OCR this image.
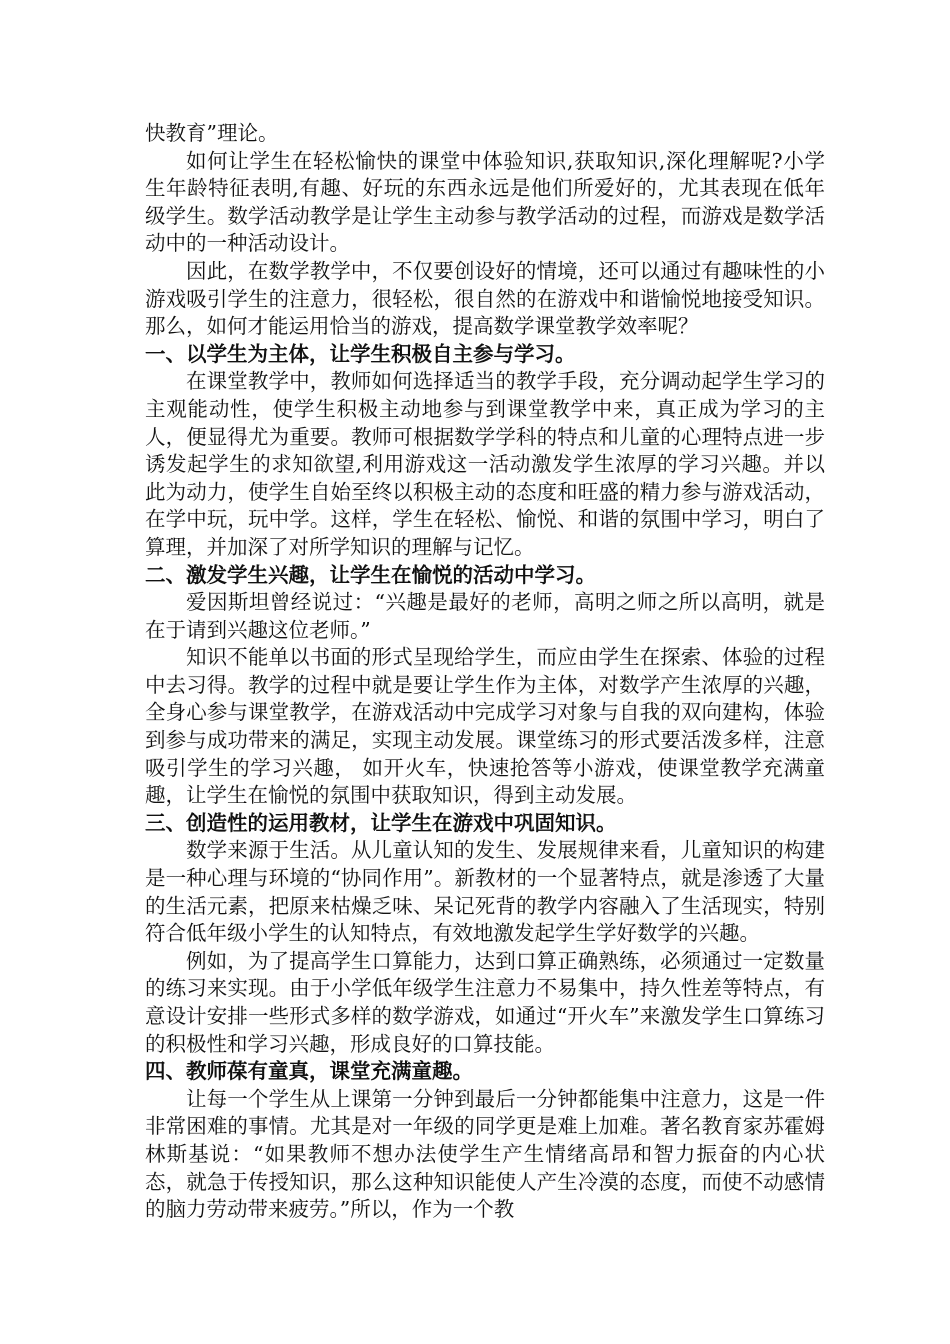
快教育”理论。

如何让学生在轻松愉快的课堂中体验知识,获取知识,深化理解呢?小学生年龄特征表明,有趣、好玩的东西永远是他们所爱好的，尤其表现在低年级学生。数学活动教学是让学生主动参与教学活动的过程，而游戏是数学活动中的一种活动设计。

因此，在数学教学中，不仅要创设好的情境，还可以通过有趣味性的小游戏吸引学生的注意力，很轻松，很自然的在游戏中和谐愉悦地接受知识。那么，如何才能运用恰当的游戏，提高数学课堂教学效率呢？

一、以学生为主体，让学生积极自主参与学习。

在课堂教学中，教师如何选择适当的教学手段，充分调动起学生学习的主观能动性，使学生积极主动地参与到课堂教学中来，真正成为学习的主人，便显得尤为重要。教师可根据数学学科的特点和儿童的心理特点进一步诱发起学生的求知欲望,利用游戏这一活动激发学生浓厚的学习兴趣。并以此为动力，使学生自始至终以积极主动的态度和旺盛的精力参与游戏活动，在学中玩，玩中学。这样，学生在轻松、愉悦、和谐的氛围中学习，明白了算理，并加深了对所学知识的理解与记忆。

二、激发学生兴趣，让学生在愉悦的活动中学习。

爱因斯坦曾经说过：“兴趣是最好的老师，高明之师之所以高明，就是在于请到兴趣这位老师。”

知识不能单以书面的形式呈现给学生，而应由学生在探索、体验的过程中去习得。教学的过程中就是要让学生作为主体，对数学产生浓厚的兴趣，全身心参与课堂教学，在游戏活动中完成学习对象与自我的双向建构，体验到参与成功带来的满足，实现主动发展。课堂练习的形式要活泼多样，注意吸引学生的学习兴趣， 如开火车，快速抢答等小游戏，使课堂教学充满童趣，让学生在愉悦的氛围中获取知识，得到主动发展。

三、创造性的运用教材，让学生在游戏中巩固知识。

数学来源于生活。从儿童认知的发生、发展规律来看，儿童知识的构建是一种心理与环境的“协同作用”。新教材的一个显著特点，就是渗透了大量的生活元素，把原来枯燥乏味、呆记死背的教学内容融入了生活现实，特别符合低年级小学生的认知特点，有效地激发起学生学好数学的兴趣。

例如，为了提高学生口算能力，达到口算正确熟练，必须通过一定数量的练习来实现。由于小学低年级学生注意力不易集中，持久性差等特点，有意设计安排一些形式多样的数学游戏，如通过“开火车”来激发学生口算练习的积极性和学习兴趣，形成良好的口算技能。

四、教师葆有童真，课堂充满童趣。

让每一个学生从上课第一分钟到最后一分钟都能集中注意力，这是一件非常困难的事情。尤其是对一年级的同学更是难上加难。著名教育家苏霍姆林斯基说：“如果教师不想办法使学生产生情绪高昂和智力振奋的内心状态，就急于传授知识，那么这种知识能使人产生冷漠的态度，而使不动感情的脑力劳动带来疲劳。”所以，作为一个教
